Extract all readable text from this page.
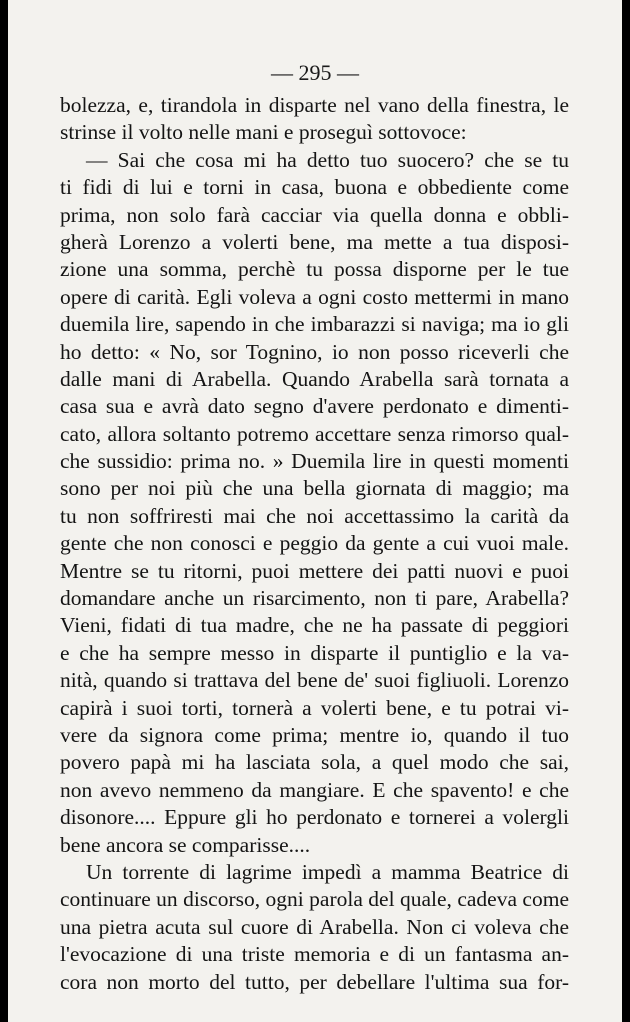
— 295 —
bolezza, e, tirandola in disparte nel vano della finestra, le
strinse il volto nelle mani e proseguì sottovoce:
— Sai che cosa mi ha detto tuo suocero? che se tu
ti fidi di lui e torni in casa, buona e obbediente come
prima, non solo farà cacciar via quella donna e obbli-
gherà Lorenzo a volerti bene, ma mette a tua disposi-
zione una somma, perchè tu possa disporne per le tue
opere di carità. Egli voleva a ogni costo mettermi in mano
duemila lire, sapendo in che imbarazzi si naviga; ma io gli
ho detto: « No, sor Tognino, io non posso riceverli che
dalle mani di Arabella. Quando Arabella sarà tornata a
casa sua e avrà dato segno d'avere perdonato e dimenti-
cato, allora soltanto potremo accettare senza rimorso qual-
che sussidio: prima no. » Duemila lire in questi momenti
sono per noi più che una bella giornata di maggio; ma
tu non soffriresti mai che noi accettassimo la carità da
gente che non conosci e peggio da gente a cui vuoi male.
Mentre se tu ritorni, puoi mettere dei patti nuovi e puoi
domandare anche un risarcimento, non ti pare, Arabella?
Vieni, fidati di tua madre, che ne ha passate di peggiori
e che ha sempre messo in disparte il puntiglio e la va-
nità, quando si trattava del bene de' suoi figliuoli. Lorenzo
capirà i suoi torti, tornerà a volerti bene, e tu potrai vi-
vere da signora come prima; mentre io, quando il tuo
povero papà mi ha lasciata sola, a quel modo che sai,
non avevo nemmeno da mangiare. E che spavento! e che
disonore.... Eppure gli ho perdonato e tornerei a volergli
bene ancora se comparisse....
Un torrente di lagrime impedì a mamma Beatrice di
continuare un discorso, ogni parola del quale, cadeva come
una pietra acuta sul cuore di Arabella. Non ci voleva che
l'evocazione di una triste memoria e di un fantasma an-
cora non morto del tutto, per debellare l'ultima sua for-
